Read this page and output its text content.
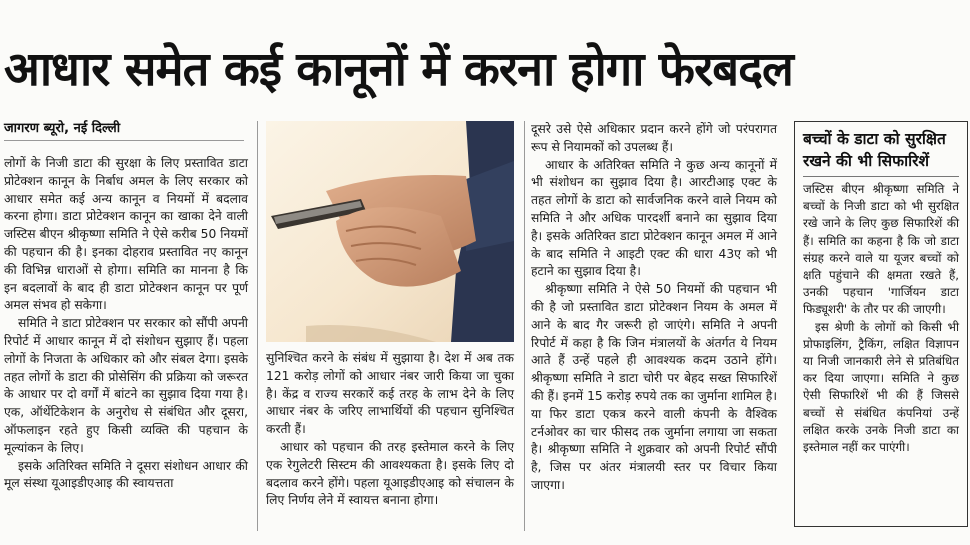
आधार समेत कई कानूनों में करना होगा फेरबदल
जागरण ब्यूरो, नई दिल्ली

लोगों के निजी डाटा की सुरक्षा के लिए प्रस्तावित डाटा प्रोटेक्शन कानून के निर्बाध अमल के लिए सरकार को आधार समेत कई अन्य कानून व नियमों में बदलाव करना होगा। डाटा प्रोटेक्शन कानून का खाका देने वाली जस्टिस बीएन श्रीकृष्णा समिति ने ऐसे करीब 50 नियमों की पहचान की है। इनका दोहराव प्रस्तावित नए कानून की विभिन्न धाराओं से होगा। समिति का मानना है कि इन बदलावों के बाद ही डाटा प्रोटेक्शन कानून पर पूर्ण अमल संभव हो सकेगा।

समिति ने डाटा प्रोटेक्शन पर सरकार को सौंपी अपनी रिपोर्ट में आधार कानून में दो संशोधन सुझाए हैं। पहला लोगों के निजता के अधिकार को और संबल देगा। इसके तहत लोगों के डाटा की प्रोसेसिंग की प्रक्रिया को जरूरत के आधार पर दो वर्गों में बांटने का सुझाव दिया गया है। एक, ऑथेंटिकेशन के अनुरोध से संबंधित और दूसरा, ऑफलाइन रहते हुए किसी व्यक्ति की पहचान के मूल्यांकन के लिए।

इसके अतिरिक्त समिति ने दूसरा संशोधन आधार की मूल संस्था यूआइडीएआइ की स्वायत्तता

सुनिश्चित करने के संबंध में सुझाया है। देश में अब तक 121 करोड़ लोगों को आधार नंबर जारी किया जा चुका है। केंद्र व राज्य सरकारें कई तरह के लाभ देने के लिए आधार नंबर के जरिए लाभार्थियों की पहचान सुनिश्चित करती हैं।

आधार को पहचान की तरह इस्तेमाल करने के लिए एक रेगुलेटरी सिस्टम की आवश्यकता है। इसके लिए दो बदलाव करने होंगे। पहला यूआइडीएआइ को संचालन के लिए निर्णय लेने में स्वायत्त बनाना होगा।

दूसरे उसे ऐसे अधिकार प्रदान करने होंगे जो परंपरागत रूप से नियामकों को उपलब्ध हैं।

आधार के अतिरिक्त समिति ने कुछ अन्य कानूनों में भी संशोधन का सुझाव दिया है। आरटीआइ एक्ट के तहत लोगों के डाटा को सार्वजनिक करने वाले नियम को समिति ने और अधिक पारदर्शी बनाने का सुझाव दिया है। इसके अतिरिक्त डाटा प्रोटेक्शन कानून अमल में आने के बाद समिति ने आइटी एक्ट की धारा 43ए को भी हटाने का सुझाव दिया है।

श्रीकृष्णा समिति ने ऐसे 50 नियमों की पहचान भी की है जो प्रस्तावित डाटा प्रोटेक्शन नियम के अमल में आने के बाद गैर जरूरी हो जाएंगे। समिति ने अपनी रिपोर्ट में कहा है कि जिन मंत्रालयों के अंतर्गत ये नियम आते हैं उन्हें पहले ही आवश्यक कदम उठाने होंगे। श्रीकृष्णा समिति ने डाटा चोरी पर बेहद सख्त सिफारिशें की हैं। इनमें 15 करोड़ रुपये तक का जुर्माना शामिल है। या फिर डाटा एकत्र करने वाली कंपनी के वैश्विक टर्नओवर का चार फीसद तक जुर्माना लगाया जा सकता है। श्रीकृष्णा समिति ने शुक्रवार को अपनी रिपोर्ट सौंपी है, जिस पर अंतर मंत्रालयी स्तर पर विचार किया जाएगा।

बच्चों के डाटा को सुरक्षित रखने की भी सिफारिशें

जस्टिस बीएन श्रीकृष्णा समिति ने बच्चों के निजी डाटा को भी सुरक्षित रखे जाने के लिए कुछ सिफारिशें की हैं। समिति का कहना है कि जो डाटा संग्रह करने वाले या यूजर बच्चों को क्षति पहुंचाने की क्षमता रखते हैं, उनकी पहचान 'गार्जियन डाटा फिड्यूशरी' के तौर पर की जाएगी।

इस श्रेणी के लोगों को किसी भी प्रोफाइलिंग, ट्रैकिंग, लक्षित विज्ञापन या निजी जानकारी लेने से प्रतिबंधित कर दिया जाएगा। समिति ने कुछ ऐसी सिफारिशें भी की हैं जिससे बच्चों से संबंधित कंपनियां उन्हें लक्षित करके उनके निजी डाटा का इस्तेमाल नहीं कर पाएंगी।
